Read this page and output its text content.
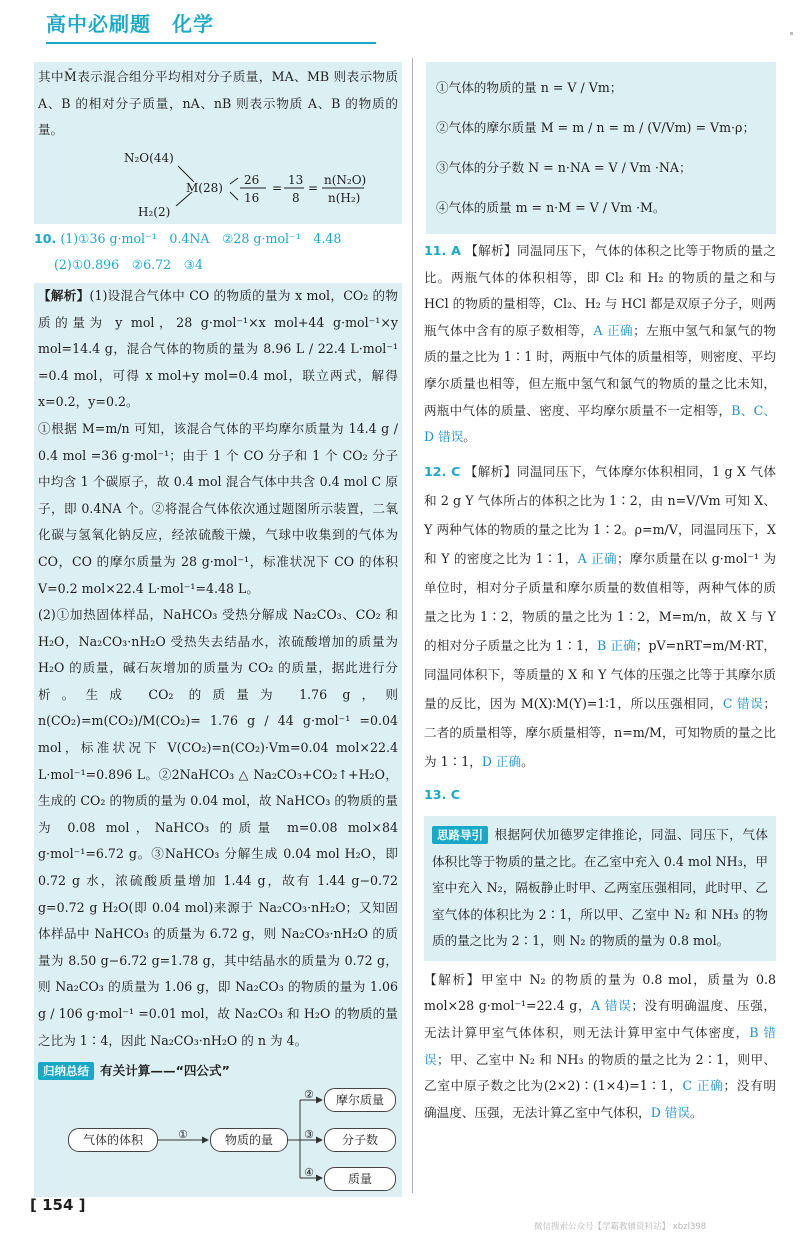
高中必刷题　化学
其中M̄表示混合组分平均相对分子质量，MA、MB 则表示物质 A、B 的相对分子质量，nA、nB 则表示物质 A、B 的物质的量。
N₂O(44)
M(28)
H₂(2)
26
16
=
13
8
=
n(N₂O)
n(H₂)
10. (1)①36 g·mol⁻¹　0.4NA　②28 g·mol⁻¹　4.48
(2)①0.896　②6.72　③4
【解析】(1)设混合气体中 CO 的物质的量为 x mol，CO₂ 的物质的量为 y mol，28 g·mol⁻¹×x mol+44 g·mol⁻¹×y mol=14.4 g，混合气体的物质的量为 8.96 L / 22.4 L·mol⁻¹ =0.4 mol，可得 x mol+y mol=0.4 mol，联立两式，解得 x=0.2，y=0.2。
①根据 M=m/n 可知，该混合气体的平均摩尔质量为 14.4 g / 0.4 mol =36 g·mol⁻¹；由于 1 个 CO 分子和 1 个 CO₂ 分子中均含 1 个碳原子，故 0.4 mol 混合气体中共含 0.4 mol C 原子，即 0.4NA 个。②将混合气体依次通过题图所示装置，二氧化碳与氢氧化钠反应，经浓硫酸干燥，气球中收集到的气体为 CO，CO 的摩尔质量为 28 g·mol⁻¹，标准状况下 CO 的体积 V=0.2 mol×22.4 L·mol⁻¹=4.48 L。
(2)①加热固体样品，NaHCO₃ 受热分解成 Na₂CO₃、CO₂ 和 H₂O，Na₂CO₃·nH₂O 受热失去结晶水，浓硫酸增加的质量为 H₂O 的质量，碱石灰增加的质量为 CO₂ 的质量，据此进行分析。生成 CO₂ 的质量为 1.76 g，则 n(CO₂)=m(CO₂)/M(CO₂)= 1.76 g / 44 g·mol⁻¹ =0.04 mol，标准状况下 V(CO₂)=n(CO₂)·Vm=0.04 mol×22.4 L·mol⁻¹=0.896 L。②2NaHCO₃ △ Na₂CO₃+CO₂↑+H₂O，生成的 CO₂ 的物质的量为 0.04 mol，故 NaHCO₃ 的物质的量为 0.08 mol，NaHCO₃ 的质量 m=0.08 mol×84 g·mol⁻¹=6.72 g。③NaHCO₃ 分解生成 0.04 mol H₂O，即 0.72 g 水，浓硫酸质量增加 1.44 g，故有 1.44 g−0.72 g=0.72 g H₂O(即 0.04 mol)来源于 Na₂CO₃·nH₂O；又知固体样品中 NaHCO₃ 的质量为 6.72 g，则 Na₂CO₃·nH₂O 的质量为 8.50 g−6.72 g=1.78 g，其中结晶水的质量为 0.72 g，则 Na₂CO₃ 的质量为 1.06 g，即 Na₂CO₃ 的物质的量为 1.06 g / 106 g·mol⁻¹ =0.01 mol，故 Na₂CO₃ 和 H₂O 的物质的量之比为 1∶4，因此 Na₂CO₃·nH₂O 的 n 为 4。
归纳总结 有关计算——“四公式”
气体的体积	物质的量
摩尔质量
分子数
质量
①
②
③
④
①气体的物质的量 n = V / Vm；
②气体的摩尔质量 M = m / n = m / (V/Vm) = Vm·ρ；
③气体的分子数 N = n·NA = V / Vm ·NA；
④气体的质量 m = n·M = V / Vm ·M。
11. A 【解析】同温同压下，气体的体积之比等于物质的量之比。两瓶气体的体积相等，即 Cl₂ 和 H₂ 的物质的量之和与 HCl 的物质的量相等，Cl₂、H₂ 与 HCl 都是双原子分子，则两瓶气体中含有的原子数相等，A 正确；左瓶中氢气和氯气的物质的量之比为 1∶1 时，两瓶中气体的质量相等，则密度、平均摩尔质量也相等，但左瓶中氢气和氯气的物质的量之比未知，两瓶中气体的质量、密度、平均摩尔质量不一定相等，B、C、D 错误。
12. C 【解析】同温同压下，气体摩尔体积相同，1 g X 气体和 2 g Y 气体所占的体积之比为 1∶2，由 n=V/Vm 可知 X、Y 两种气体的物质的量之比为 1∶2。ρ=m/V，同温同压下，X 和 Y 的密度之比为 1∶1，A 正确；摩尔质量在以 g·mol⁻¹ 为单位时，相对分子质量和摩尔质量的数值相等，两种气体的质量之比为 1∶2，物质的量之比为 1∶2，M=m/n，故 X 与 Y 的相对分子质量之比为 1∶1，B 正确；pV=nRT=m/M·RT，同温同体积下，等质量的 X 和 Y 气体的压强之比等于其摩尔质量的反比，因为 M(X)∶M(Y)=1∶1，所以压强相同，C 错误；二者的质量相等，摩尔质量相等，n=m/M，可知物质的量之比为 1∶1，D 正确。
13. C
思路导引 根据阿伏加德罗定律推论，同温、同压下，气体体积比等于物质的量之比。在乙室中充入 0.4 mol NH₃，甲室中充入 N₂，隔板静止时甲、乙两室压强相同，此时甲、乙室气体的体积比为 2∶1，所以甲、乙室中 N₂ 和 NH₃ 的物质的量之比为 2∶1，则 N₂ 的物质的量为 0.8 mol。
【解析】甲室中 N₂ 的物质的量为 0.8 mol，质量为 0.8 mol×28 g·mol⁻¹=22.4 g，A 错误；没有明确温度、压强，无法计算甲室气体体积，则无法计算甲室中气体密度，B 错误；甲、乙室中 N₂ 和 NH₃ 的物质的量之比为 2∶1，则甲、乙室中原子数之比为(2×2)∶(1×4)=1∶1，C 正确；没有明确温度、压强，无法计算乙室中气体积，D 错误。
[ 154 ]
微信搜索公众号【学霸教辅资料站】 xbzl398
